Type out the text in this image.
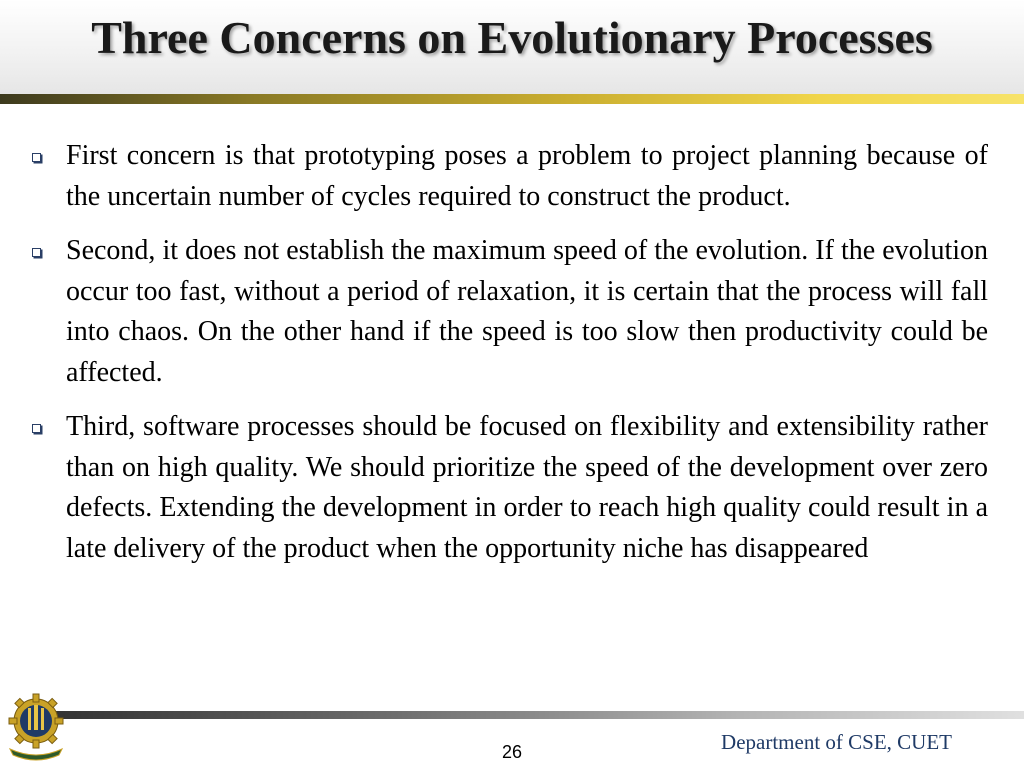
Three Concerns on Evolutionary Processes

First concern is that prototyping poses a problem to project planning because of the uncertain number of cycles required to construct the product.

Second, it does not establish the maximum speed of the evolution. If the evolution occur too fast, without a period of relaxation, it is certain that the process will fall into chaos. On the other hand if the speed is too slow then productivity could be affected.

Third, software processes should be focused on flexibility and extensibility rather than on high quality. We should prioritize the speed of the development over zero defects. Extending the development in order to reach high quality could result in a late delivery of the product when the opportunity niche has disappeared

26	Department of CSE, CUET
